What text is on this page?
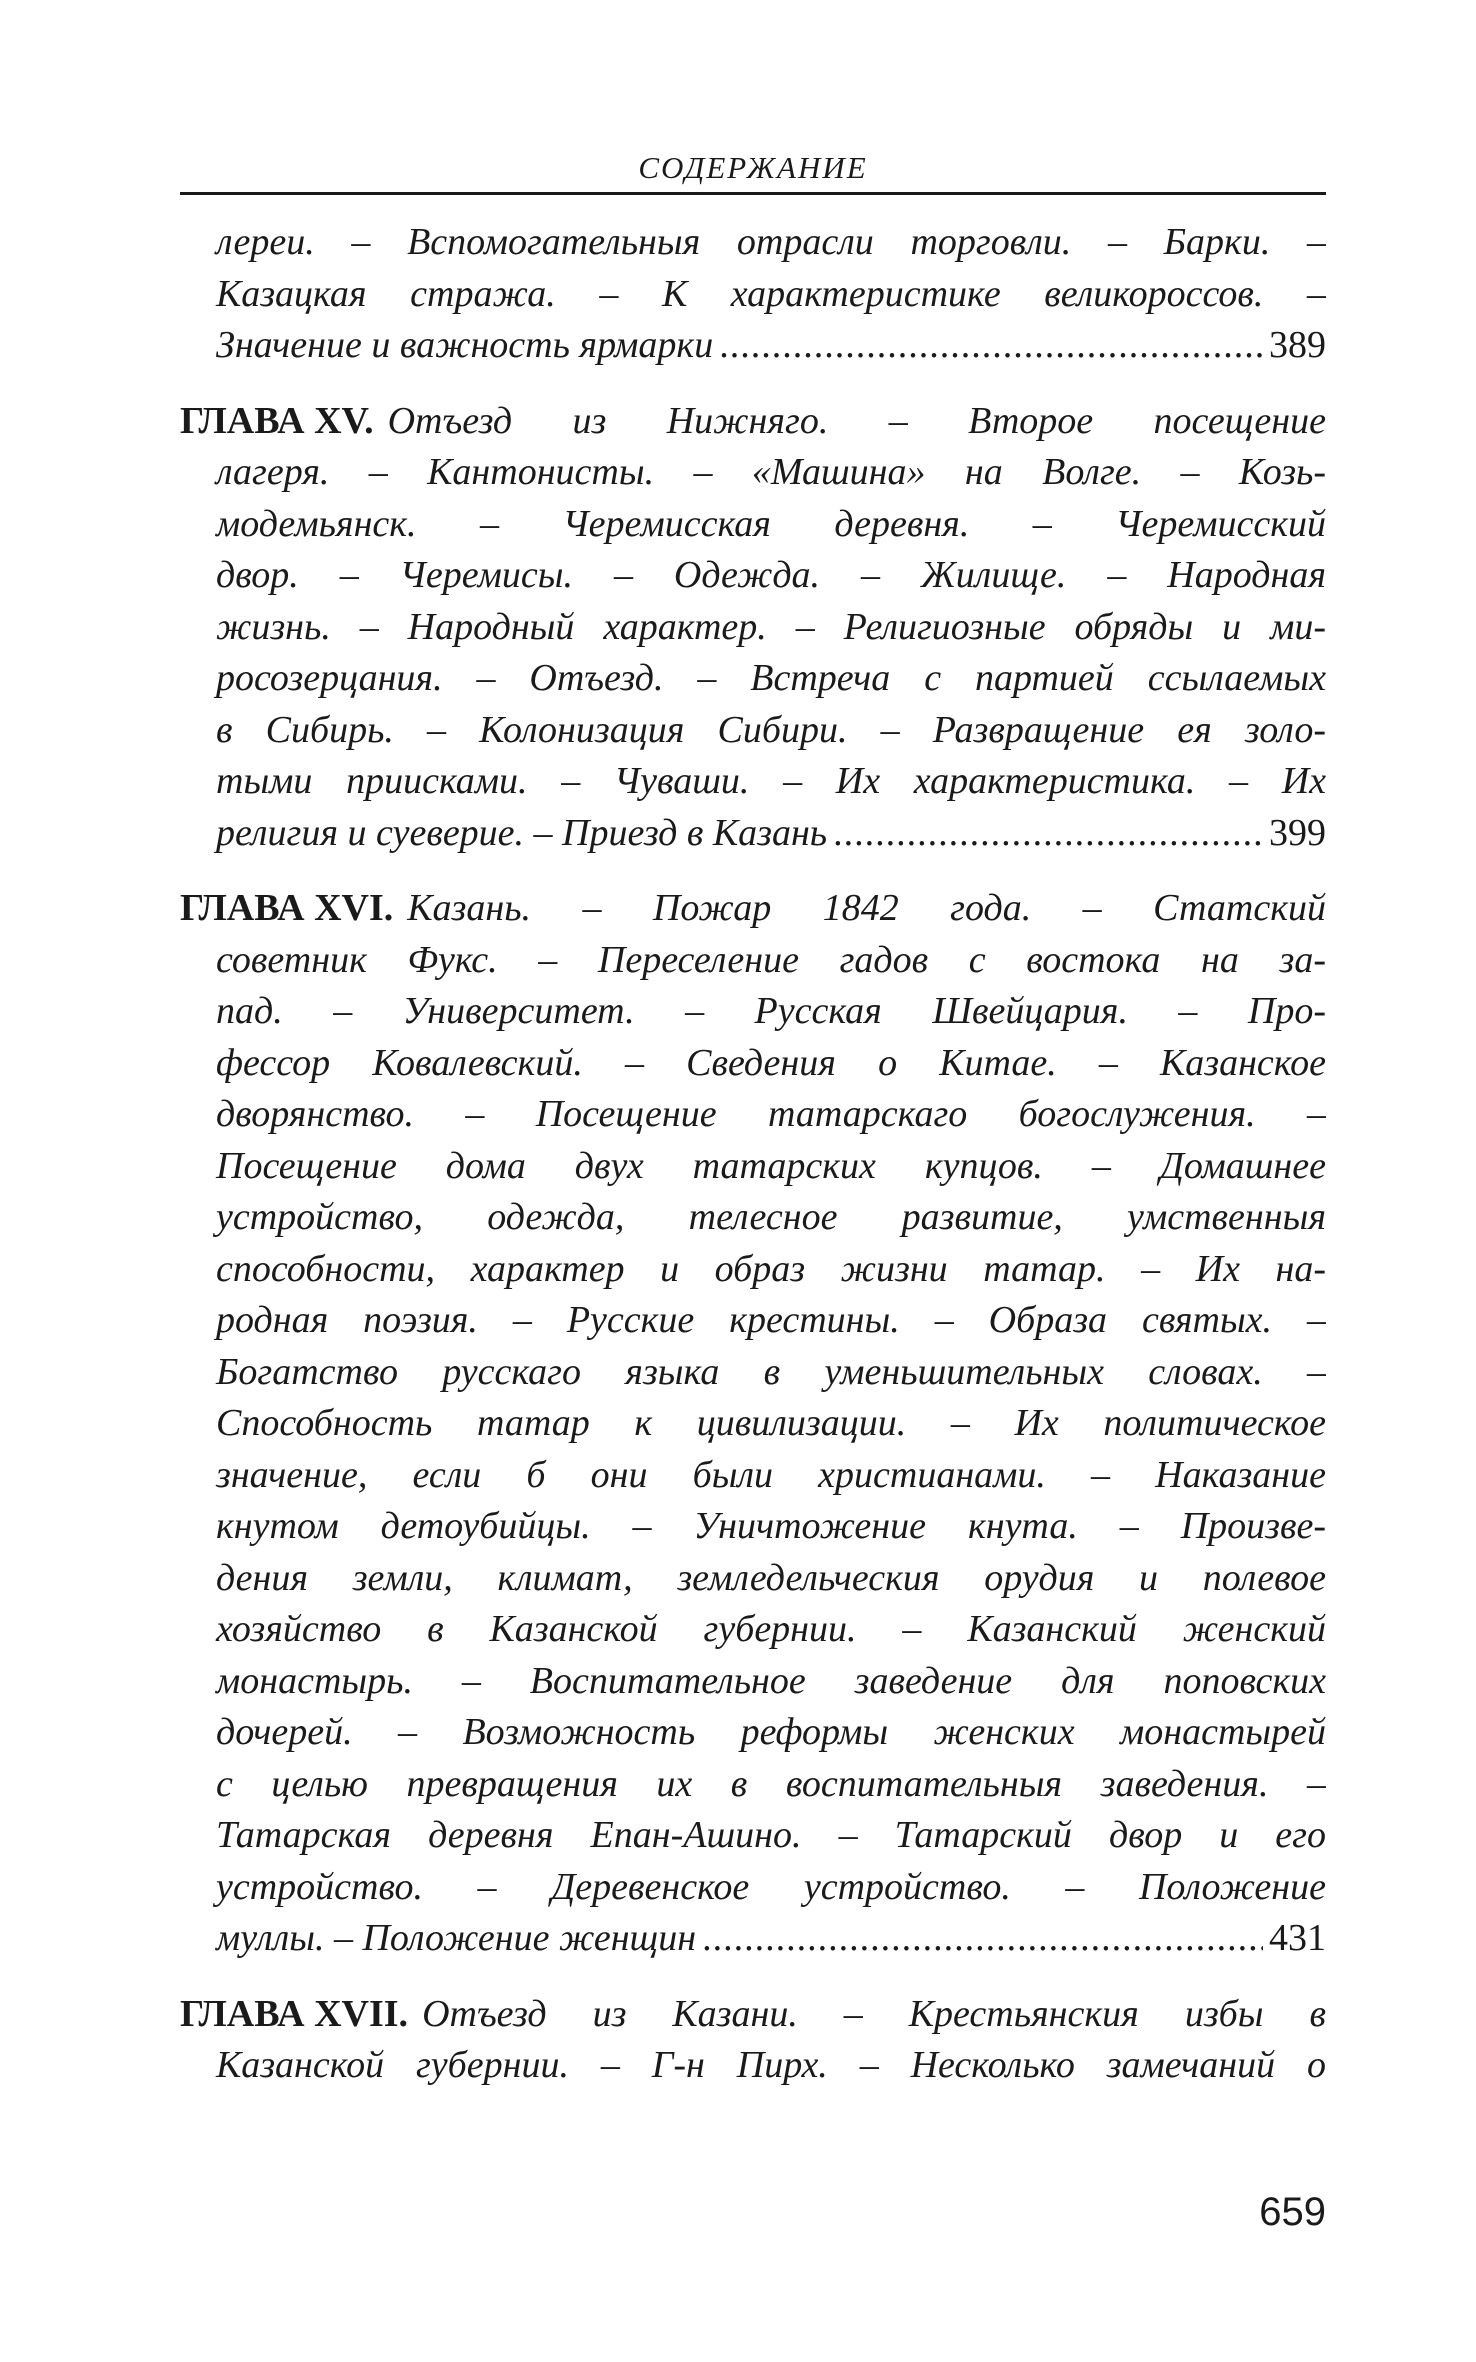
СОДЕРЖАНИЕ
лереи. – Вспомогательныя отрасли торговли. – Барки. –
Казацкая стража. – К характеристике великороссов. –
Значение и важность ярмарки .....	389
ГЛАВА XV. Отъезд из Нижняго. – Второе посещение
лагеря. – Кантонисты. – «Машина» на Волге. – Козь-
модемьянск. – Черемисская деревня. – Черемисский
двор. – Черемисы. – Одежда. – Жилище. – Народная
жизнь. – Народный характер. – Религиозные обряды и ми-
росозерцания. – Отъезд. – Встреча с партией ссылаемых
в Сибирь. – Колонизация Сибири. – Развращение ея золо-
тыми приисками. – Чуваши. – Их характеристика. – Их
религия и суеверие. – Приезд в Казань .....	399
ГЛАВА XVI. Казань. – Пожар 1842 года. – Статский
советник Фукс. – Переселение гадов с востока на за-
пад. – Университет. – Русская Швейцария. – Про-
фессор Ковалевский. – Сведения о Китае. – Казанское
дворянство. – Посещение татарскаго богослужения. –
Посещение дома двух татарских купцов. – Домашнее
устройство, одежда, телесное развитие, умственныя
способности, характер и образ жизни татар. – Их на-
родная поэзия. – Русские крестины. – Образа святых. –
Богатство русскаго языка в уменьшительных словах. –
Способность татар к цивилизации. – Их политическое
значение, если б они были христианами. – Наказание
кнутом детоубийцы. – Уничтожение кнута. – Произве-
дения земли, климат, земледельческия орудия и полевое
хозяйство в Казанской губернии. – Казанский женский
монастырь. – Воспитательное заведение для поповских
дочерей. – Возможность реформы женских монастырей
с целью превращения их в воспитательныя заведения. –
Татарская деревня Епан-Ашино. – Татарский двор и его
устройство. – Деревенское устройство. – Положение
муллы. – Положение женщин .....	431
ГЛАВА XVII. Отъезд из Казани. – Крестьянския избы в
Казанской губернии. – Г-н Пирх. – Несколько замечаний о
659
